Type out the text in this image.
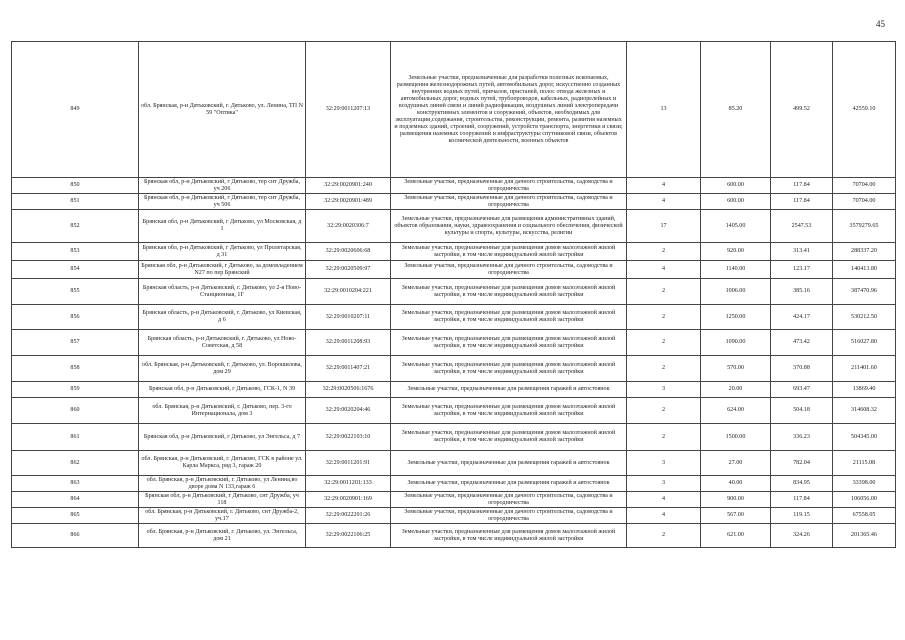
45
849	обл. Брянская, р-н Дятьковский, г. Дятьково, ул. Ленина, ТП N 59 "Оптика"	32:29:0011207:13	Земельные участки, предназначенные для разработки полезных ископаемых, размещения железнодорожных путей, автомобильных дорог, искусственно созданных внутренних водных путей, причалов, пристаней, полос отвода железных и автомобильных дорог, водных путей, трубопроводов, кабельных, радиорелейных и воздушных линий связи и линий радиофикации, воздушных линий электропередачи конструктивных элементов и сооружений, объектов, необходимых для эксплуатации,содержания, строительства, реконструкции, ремонта, развития наземных и подземных зданий, строений, сооружений, устройств транспорта, энергетики и связи; размещения наземных сооружений и инфраструктуры спутниковой связи, объектов космической деятельности, военных объектов	13	85.20	499.52	42559.10
850	Брянская обл, р-н Дятьковский, г Дятьково, тер снт Дружба, уч 206	32:29:0020901:240	Земельные участки, предназначенные для дачного строительства, садоводства и огородничества	4	600.00	117.84	70704.00
851	Брянская обл, р-н Дятьковский, г Дятьково, тер снт Дружба, уч 506	32:29:0020901:489	Земельные участки, предназначенные для дачного строительства, садоводства и огородничества	4	600.00	117.84	70704.00
852	Брянская обл, р-н Дятьковский, г Дятьково, ул Московская, д 1	32:29:0020306:7	Земельные участки, предназначенные для размещения административных зданий, объектов образования, науки, здравоохранения и социального обеспечения, физической культуры и спорта, культуры, искусства, религии	17	1405.00	2547.53	3579279.65
853	Брянская обл, р-н Дятьковский, г Дятьково, ул Пролетарская, д 31	32:29:0020606:68	Земельные участки, предназначенные для размещения домов малоэтажной жилой застройки, в том числе индивидуальной жилой застройки	2	920.00	313.41	288337.20
854	Брянская обл, р-н Дятьковский, г Дятьково, за домовладением N27 по пер Брянский	32:29:0020509:97	Земельные участки, предназначенные для дачного строительства, садоводства и огородничества	4	1140.00	123.17	140413.80
855	Брянская область, р-н Дятьковский, г. Дятьково, ул 2-я Ново-Станционная, 1Г	32:29:0010204:221	Земельные участки, предназначенные для размещения домов малоэтажной жилой застройки, в том числе индивидуальной жилой застройки	2	1006.00	385.16	387470.96
856	Брянская область, р-н Дятьковский, г. Дятьково, ул Киевская, д 6	32:29:0010207:11	Земельные участки, предназначенные для размещения домов малоэтажной жилой застройки, в том числе индивидуальной жилой застройки	2	1250.00	424.17	530212.50
857	Брянская область, р-н Дятьковский, г. Дятьково, ул Ново-Советская, д 58	32:29:0011208:93	Земельные участки, предназначенные для размещения домов малоэтажной жилой застройки, в том числе индивидуальной жилой застройки	2	1090.00	473.42	516027.80
858	обл. Брянская, р-н Дятьковский, г. Дятьково, ул. Ворошилова, дом 29	32:29:0011407:21	Земельные участки, предназначенные для размещения домов малоэтажной жилой застройки, в том числе индивидуальной жилой застройки	2	570.00	370.88	211401.60
859	Брянская обл, р-н Дятьковский, г Дятьково, ГСК-1, N 39	32:29:0020506:1676	Земельные участки, предназначенные для размещения гаражей и автостоянок	3	20.00	693.47	13869.40
860	обл. Брянская, р-н Дятьковский, г. Дятьково, пер. 3-го Интернационала, дом 3	32:29:0020204:46	Земельные участки, предназначенные для размещения домов малоэтажной жилой застройки, в том числе индивидуальной жилой застройки	2	624.00	504.18	314608.32
861	Брянская обл, р-н Дятьковский, г Дятьково, ул Энгельса, д 7	32:29:0022103:10	Земельные участки, предназначенные для размещения домов малоэтажной жилой застройки, в том числе индивидуальной жилой застройки	2	1500.00	336.23	504345.00
862	обл. Брянская, р-н Дятьковский, г. Дятьково, ГСК в районе ул. Карла Маркса, ряд 3, гараж 20	32:29:0011201:91	Земельные участки, предназначенные для размещения гаражей и автостоянок	3	27.00	782.04	21115.08
863	обл. Брянская, р-н Дятьковский, г. Дятьково, ул Ленина,во дворе дома N 133,гараж 6	32:29:0011201:133	Земельные участки, предназначенные для размещения гаражей и автостоянок	3	40.00	834.95	33398.00
864	Брянская обл, р-н Дятьковский, г Дятьково, снт Дружба, уч 118	32:29:0020901:169	Земельные участки, предназначенные для дачного строительства, садоводства и огородничества	4	900.00	117.84	106056.00
865	обл. Брянская, р-н Дятьковский, г. Дятьково, снт Дружба-2, уч.17	32:29:0022201:26	Земельные участки, предназначенные для дачного строительства, садоводства и огородничества	4	567.00	119.15	67558.05
866	обл. Брянская, р-н Дятьковский, г. Дятьково, ул. Энгельса, дом 21	32:29:0022106:25	Земельные участки, предназначенные для размещения домов малоэтажной жилой застройки, в том числе индивидуальной жилой застройки	2	621.00	324.26	201365.46
